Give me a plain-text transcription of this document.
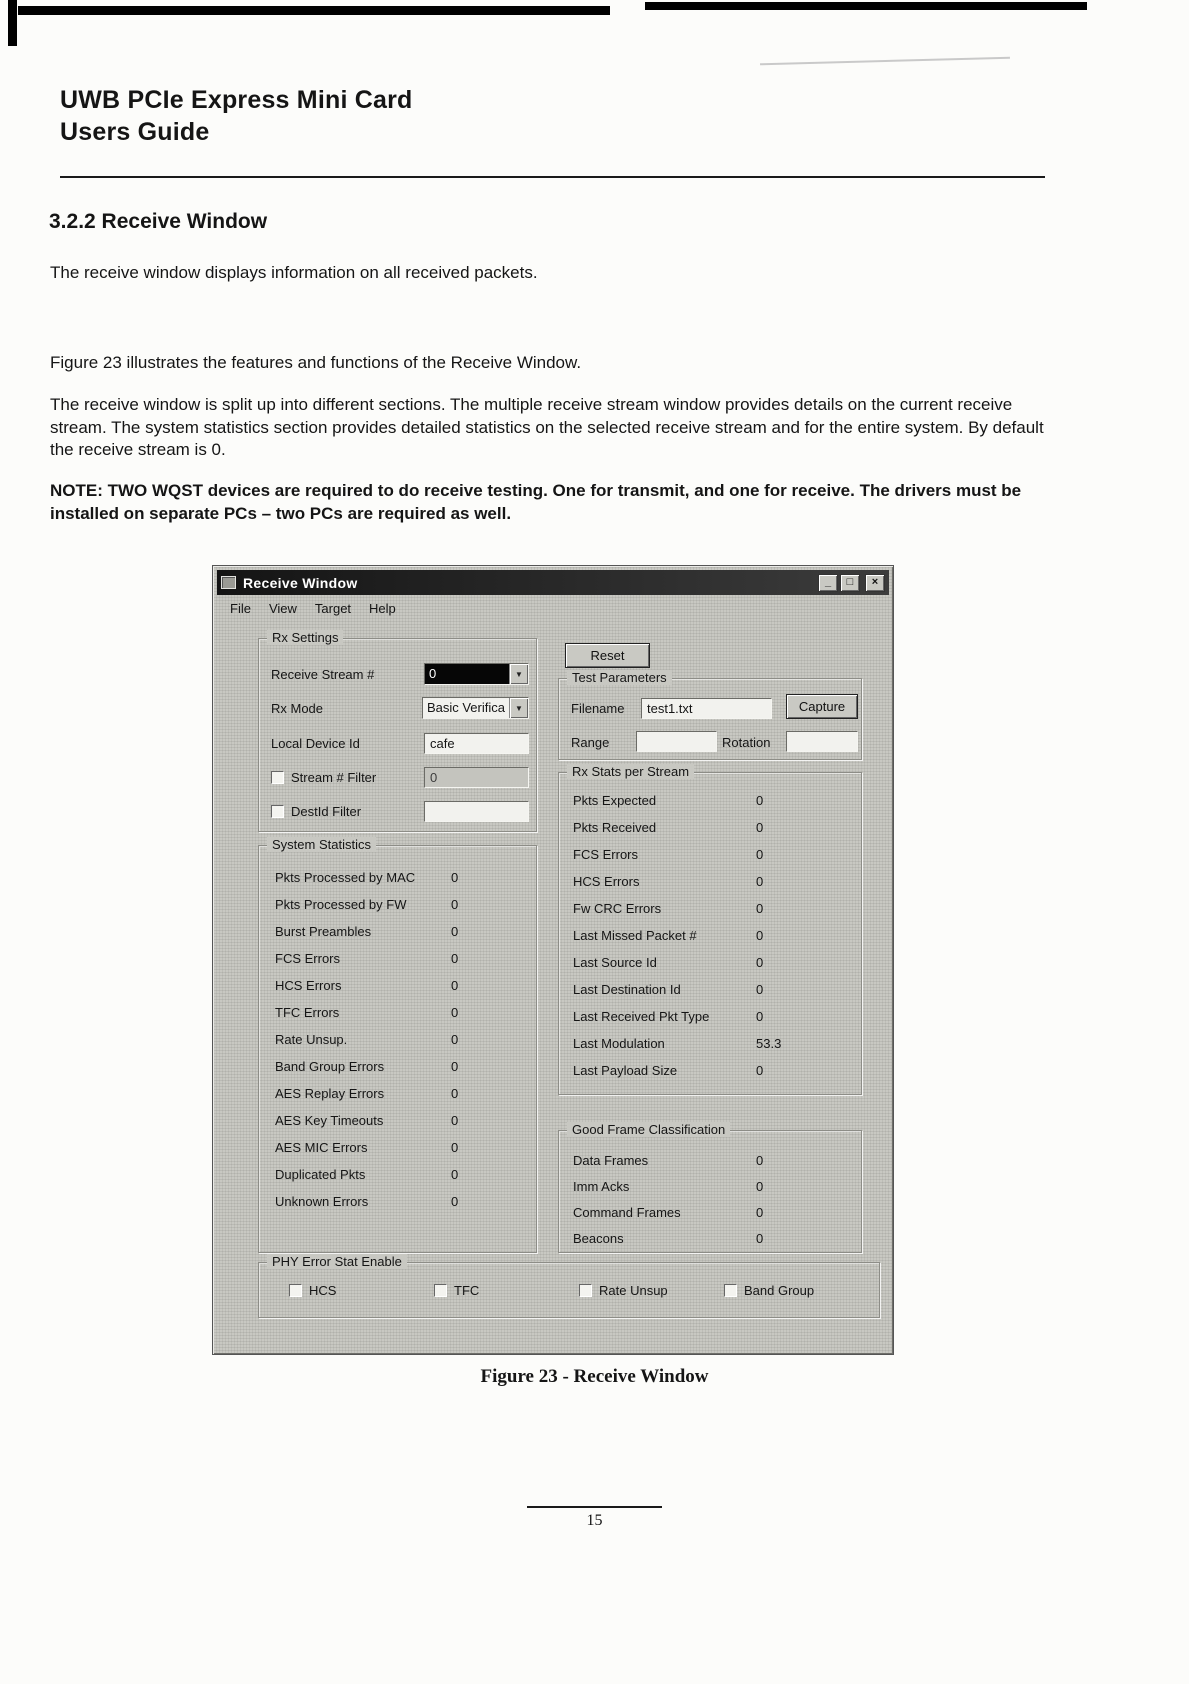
UWB PCIe Express Mini Card
Users Guide
3.2.2 Receive Window

The receive window displays information on all received packets.

Figure 23 illustrates the features and functions of the Receive Window.

The receive window is split up into different sections. The multiple receive stream window provides details on the current receive stream. The system statistics section provides detailed statistics on the selected receive stream and for the entire system. By default the receive stream is 0.

NOTE: TWO WQST devices are required to do receive testing. One for transmit, and one for receive. The drivers must be installed on separate PCs – two PCs are required as well.

Receive Window	_	□	×
File	View	Target	Help
Rx Settings
Receive Stream #	0	▼
Rx Mode	Basic Verifica	▼
Local Device Id	cafe
Stream # Filter	0
DestId Filter
Reset
Test Parameters
Filename	test1.txt	Capture
Range	Rotation
Rx Stats per Stream
Pkts Expected	0
Pkts Received	0
FCS Errors	0
HCS Errors	0
Fw CRC Errors	0
Last Missed Packet #	0
Last Source Id	0
Last Destination Id	0
Last Received Pkt Type	0
Last Modulation	53.3
Last Payload Size	0
System Statistics
Pkts Processed by MAC	0
Pkts Processed by FW	0
Burst Preambles	0
FCS Errors	0
HCS Errors	0
TFC Errors	0
Rate Unsup.	0
Band Group Errors	0
AES Replay Errors	0
AES Key Timeouts	0
AES MIC Errors	0
Duplicated Pkts	0
Unknown Errors	0
Good Frame Classification
Data Frames	0
Imm Acks	0
Command Frames	0
Beacons	0
PHY Error Stat Enable
HCS	TFC	Rate Unsup	Band Group
Figure 23 - Receive Window
15
